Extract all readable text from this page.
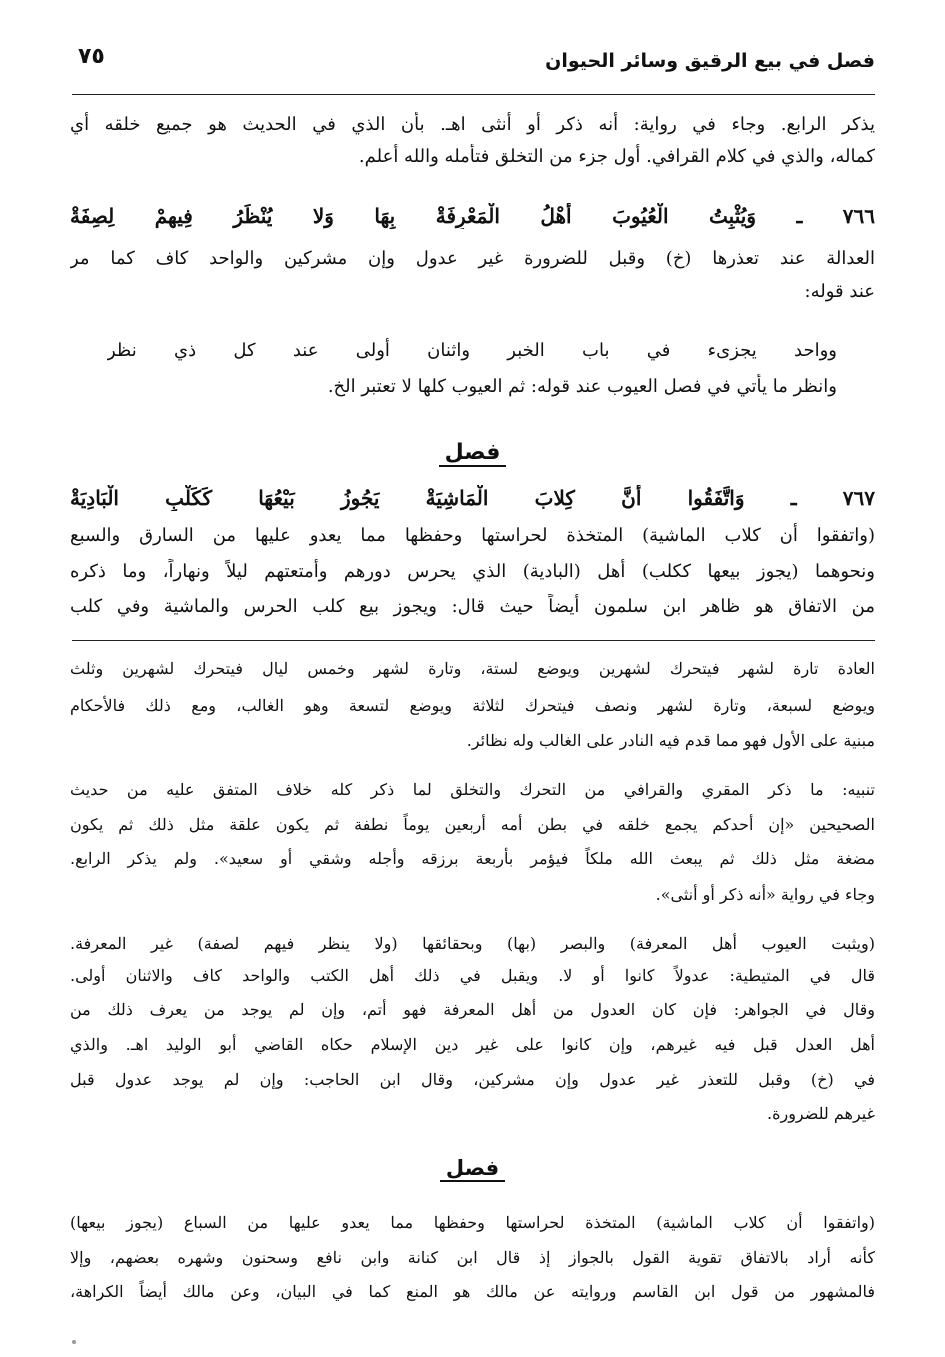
فصل في بيع الرقيق وسائر الحيوان
٧٥
يذكر الرابع. وجاء في رواية: أنه ذكر أو أنثى اهـ. بأن الذي في الحديث هو جميع خلقه أي
كماله، والذي في كلام القرافي. أول جزء من التخلق فتأمله والله أعلم.
٧٦٦ ـ وَيُثْبِتُ الْعُيُوبَ أَهْلُ الْمَعْرِفَةْ بِهَا وَلا يُنْظَرُ فِيهِمْ لِصِفَةْ
العدالة عند تعذرها (خ) وقبل للضرورة غير عدول وإن مشركين والواحد كاف كما مر
عند قوله:
وواحد يجزىء في باب الخبر واثنان أولى عند كل ذي نظر
وانظر ما يأتي في فصل العيوب عند قوله: ثم العيوب كلها لا تعتبر الخ.
فصل
٧٦٧ ـ وَاتَّفَقُوا أَنَّ كِلابَ الْمَاشِيَةْ يَجُوزُ بَيْعُهَا كَكَلْبِ الْبَادِيَةْ
(واتفقوا أن كلاب الماشية) المتخذة لحراستها وحفظها مما يعدو عليها من السارق والسبع
ونحوهما (يجوز بيعها ككلب) أهل (البادية) الذي يحرس دورهم وأمتعتهم ليلاً ونهاراً، وما ذكره
من الاتفاق هو ظاهر ابن سلمون أيضاً حيث قال: ويجوز بيع كلب الحرس والماشية وفي كلب
العادة تارة لشهر فيتحرك لشهرين ويوضع لستة، وتارة لشهر وخمس ليال فيتحرك لشهرين وثلث
ويوضع لسبعة، وتارة لشهر ونصف فيتحرك لثلاثة ويوضع لتسعة وهو الغالب، ومع ذلك فالأحكام
مبنية على الأول فهو مما قدم فيه النادر على الغالب وله نظائر.
تنبيه: ما ذكر المقري والقرافي من التحرك والتخلق لما ذكر كله خلاف المتفق عليه من حديث
الصحيحين «إن أحدكم يجمع خلقه في بطن أمه أربعين يوماً نطفة ثم يكون علقة مثل ذلك ثم يكون
مضغة مثل ذلك ثم يبعث الله ملكاً فيؤمر بأربعة برزقه وأجله وشقي أو سعيد». ولم يذكر الرابع.
وجاء في رواية «أنه ذكر أو أنثى».
(ويثبت العيوب أهل المعرفة) والبصر (بها) وبحقائقها (ولا ينظر فيهم لصفة) غير المعرفة.
قال في المتيطية: عدولاً كانوا أو لا. ويقبل في ذلك أهل الكتب والواحد كاف والاثنان أولى.
وقال في الجواهر: فإن كان العدول من أهل المعرفة فهو أتم، وإن لم يوجد من يعرف ذلك من
أهل العدل قبل فيه غيرهم، وإن كانوا على غير دين الإسلام حكاه القاضي أبو الوليد اهـ. والذي
في (خ) وقبل للتعذر غير عدول وإن مشركين، وقال ابن الحاجب: وإن لم يوجد عدول قبل
غيرهم للضرورة.
فصل
(واتفقوا أن كلاب الماشية) المتخذة لحراستها وحفظها مما يعدو عليها من السباع (يجوز بيعها)
كأنه أراد بالاتفاق تقوية القول بالجواز إذ قال ابن كنانة وابن نافع وسحنون وشهره بعضهم، وإلا
فالمشهور من قول ابن القاسم وروايته عن مالك هو المنع كما في البيان، وعن مالك أيضاً الكراهة،
